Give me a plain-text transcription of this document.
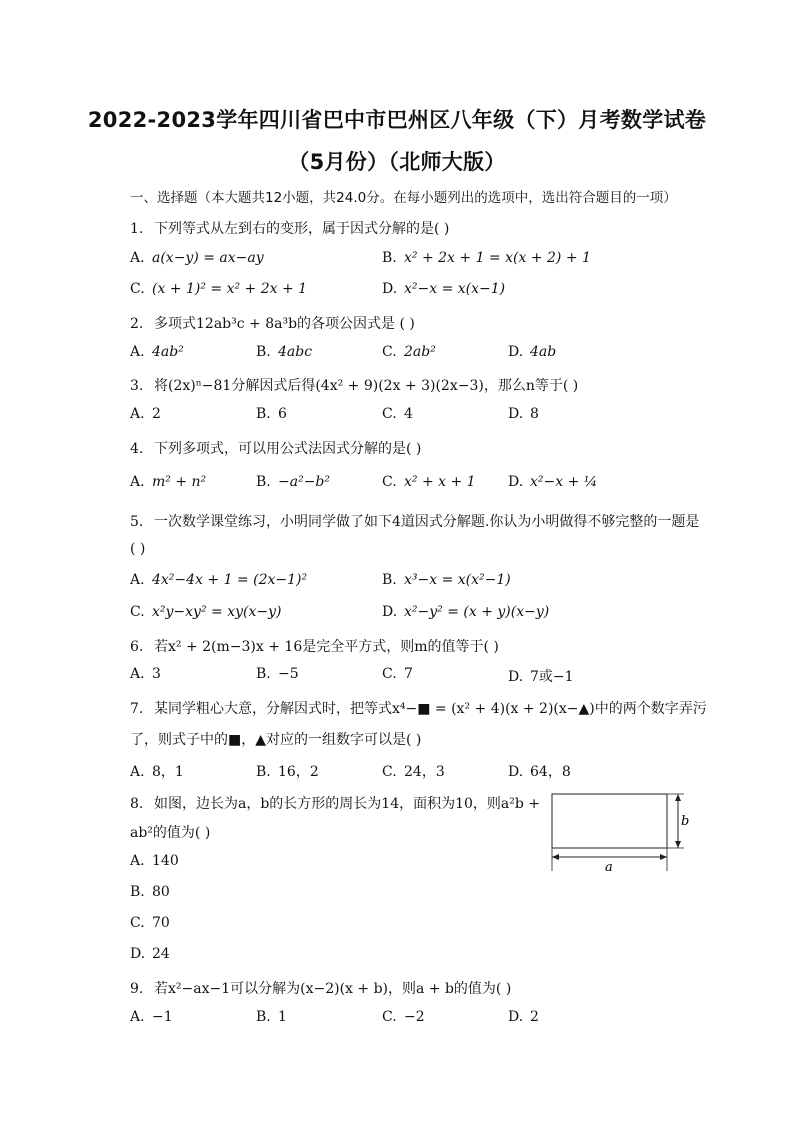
2022-2023学年四川省巴中市巴州区八年级（下）月考数学试卷
（5月份）（北师大版）
一、选择题（本大题共12小题，共24.0分。在每小题列出的选项中，选出符合题目的一项）
1. 下列等式从左到右的变形，属于因式分解的是( )
A. a(x−y) = ax−ay	B. x² + 2x + 1 = x(x + 2) + 1
C. (x + 1)² = x² + 2x + 1	D. x²−x = x(x−1)
2. 多项式12ab³c + 8a³b的各项公因式是 ( )
A. 4ab²	B. 4abc	C. 2ab²	D. 4ab
3. 将(2x)ⁿ−81分解因式后得(4x² + 9)(2x + 3)(2x−3)，那么n等于( )
A. 2	B. 6	C. 4	D. 8
4. 下列多项式，可以用公式法因式分解的是( )
A. m² + n²	B. −a²−b²	C. x² + x + 1 D. x²−x + ¼
5. 一次数学课堂练习，小明同学做了如下4道因式分解题.你认为小明做得不够完整的一题是
( )
A. 4x²−4x + 1 = (2x−1)²	B. x³−x = x(x²−1)
C. x²y−xy² = xy(x−y)	D. x²−y² = (x + y)(x−y)
6. 若x² + 2(m−3)x + 16是完全平方式，则m的值等于( )
A. 3	B. −5	C. 7	D. 7或−1
7. 某同学粗心大意，分解因式时，把等式x⁴−■ = (x² + 4)(x + 2)(x−▲)中的两个数字弄污
了，则式子中的■，▲对应的一组数字可以是( )
A. 8，1	B. 16，2	C. 24，3	D. 64，8
8. 如图，边长为a，b的长方形的周长为14，面积为10，则a²b +
ab²的值为( )
A. 140
B. 80
C. 70
D. 24
b
a
9. 若x²−ax−1可以分解为(x−2)(x + b)，则a + b的值为( )
A. −1	B. 1	C. −2	D. 2
